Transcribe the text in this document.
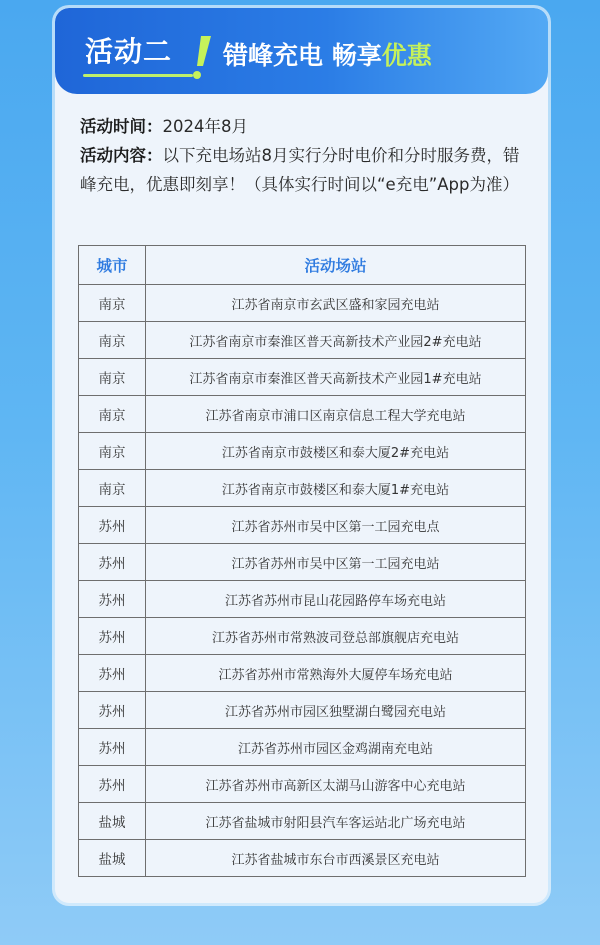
活动二 错峰充电 畅享优惠

活动时间：2024年8月

活动内容：以下充电场站8月实行分时电价和分时服务费，错峰充电，优惠即刻享！（具体实行时间以“e充电”App为准）

城市	活动场站
南京	江苏省南京市玄武区盛和家园充电站
南京	江苏省南京市秦淮区普天高新技术产业园2#充电站
南京	江苏省南京市秦淮区普天高新技术产业园1#充电站
南京	江苏省南京市浦口区南京信息工程大学充电站
南京	江苏省南京市鼓楼区和泰大厦2#充电站
南京	江苏省南京市鼓楼区和泰大厦1#充电站
苏州	江苏省苏州市吴中区第一工园充电点
苏州	江苏省苏州市吴中区第一工园充电站
苏州	江苏省苏州市昆山花园路停车场充电站
苏州	江苏省苏州市常熟波司登总部旗舰店充电站
苏州	江苏省苏州市常熟海外大厦停车场充电站
苏州	江苏省苏州市园区独墅湖白鹭园充电站
苏州	江苏省苏州市园区金鸡湖南充电站
苏州	江苏省苏州市高新区太湖马山游客中心充电站
盐城	江苏省盐城市射阳县汽车客运站北广场充电站
盐城	江苏省盐城市东台市西溪景区充电站
